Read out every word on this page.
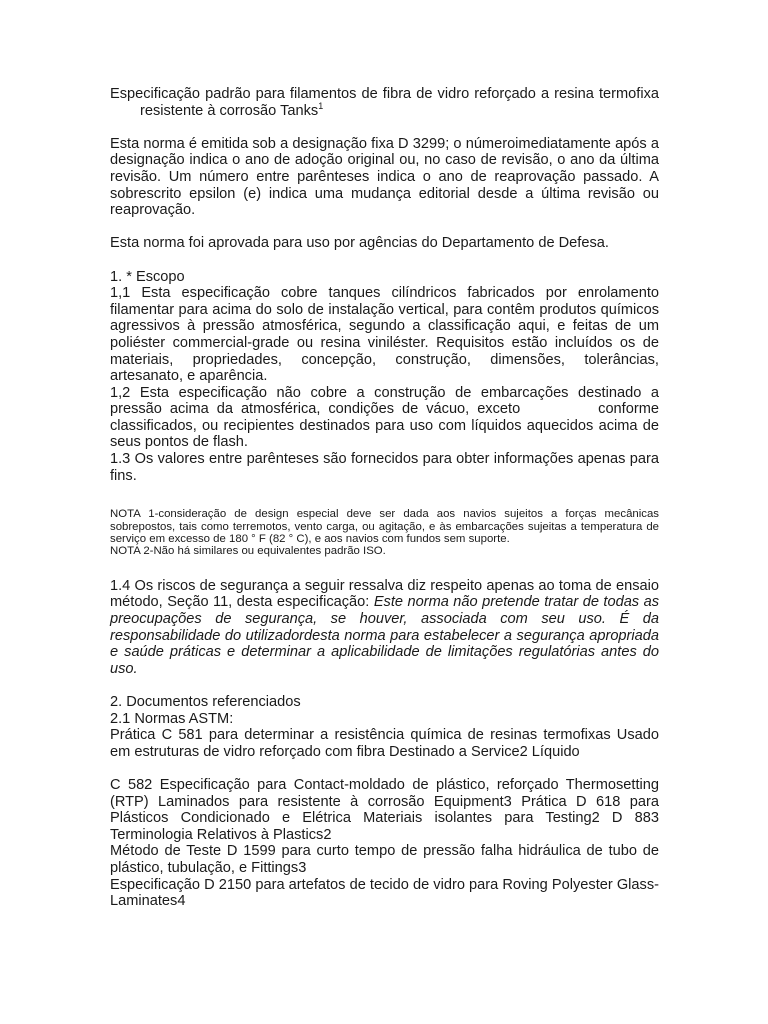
Especificação padrão para filamentos de fibra de vidro reforçado a resina termofixaresistente à corrosão Tanks$^1$

Esta norma é emitida sob a designação fixa D 3299; o númeroimediatamente após a designação indica o ano de adoção original ou, no caso de revisão, o ano da última revisão. Um número entre parênteses indica o ano de reaprovação passado. A sobrescrito epsilon (e) indica uma mudança editorial desde a última revisão ou reaprovação.

Esta norma foi aprovada para uso por agências do Departamento de Defesa.

1. * Escopo

1,1 Esta especificação cobre tanques cilíndricos fabricados por enrolamento filamentar para acima do solo de instalação vertical, para contêm produtos químicos agressivos à pressão atmosférica, segundo a classificação aqui, e feitas de um poliéster commercial-grade ou resina viniléster. Requisitos estão incluídos os de materiais, propriedades, concepção, construção, dimensões, tolerâncias, artesanato, e aparência.

1,2 Esta especificação não cobre a construção de embarcações destinado a pressão acima da atmosférica, condições de vácuo, exceto	conforme classificados, ou recipientes destinados para uso com líquidos aquecidos acima de seus pontos de flash.

1.3 Os valores entre parênteses são fornecidos para obter informações apenas para fins.

NOTA 1-consideração de design especial deve ser dada aos navios sujeitos a forças mecânicas sobrepostos, tais como terremotos, vento carga, ou agitação, e às embarcações sujeitas a temperatura de serviço em excesso de 180 ° F (82 ° C), e aos navios com fundos sem suporte.

NOTA 2-Não há similares ou equivalentes padrão ISO.

1.4 Os riscos de segurança a seguir ressalva diz respeito apenas ao toma de ensaio método, Seção 11, desta especificação: Este norma não pretende tratar de todas as preocupações de segurança, se houver, associada com seu uso. É da responsabilidade do utilizadordesta norma para estabelecer a segurança apropriada e saúde práticas e determinar a aplicabilidade de limitações regulatórias antes do uso.

2. Documentos referenciados

2.1 Normas ASTM:

Prática C 581 para determinar a resistência química de resinas termofixas Usado em estruturas de vidro reforçado com fibra Destinado a Service2 Líquido

C 582 Especificação para Contact-moldado de plástico, reforçado Thermosetting (RTP) Laminados para resistente à corrosão Equipment3 Prática D 618 para Plásticos Condicionado e Elétrica Materiais isolantes para Testing2 D 883 Terminologia Relativos à Plastics2

Método de Teste D 1599 para curto tempo de pressão falha hidráulica de tubo de plástico, tubulação, e Fittings3

Especificação D 2150 para artefatos de tecido de vidro para Roving Polyester Glass-Laminates4
